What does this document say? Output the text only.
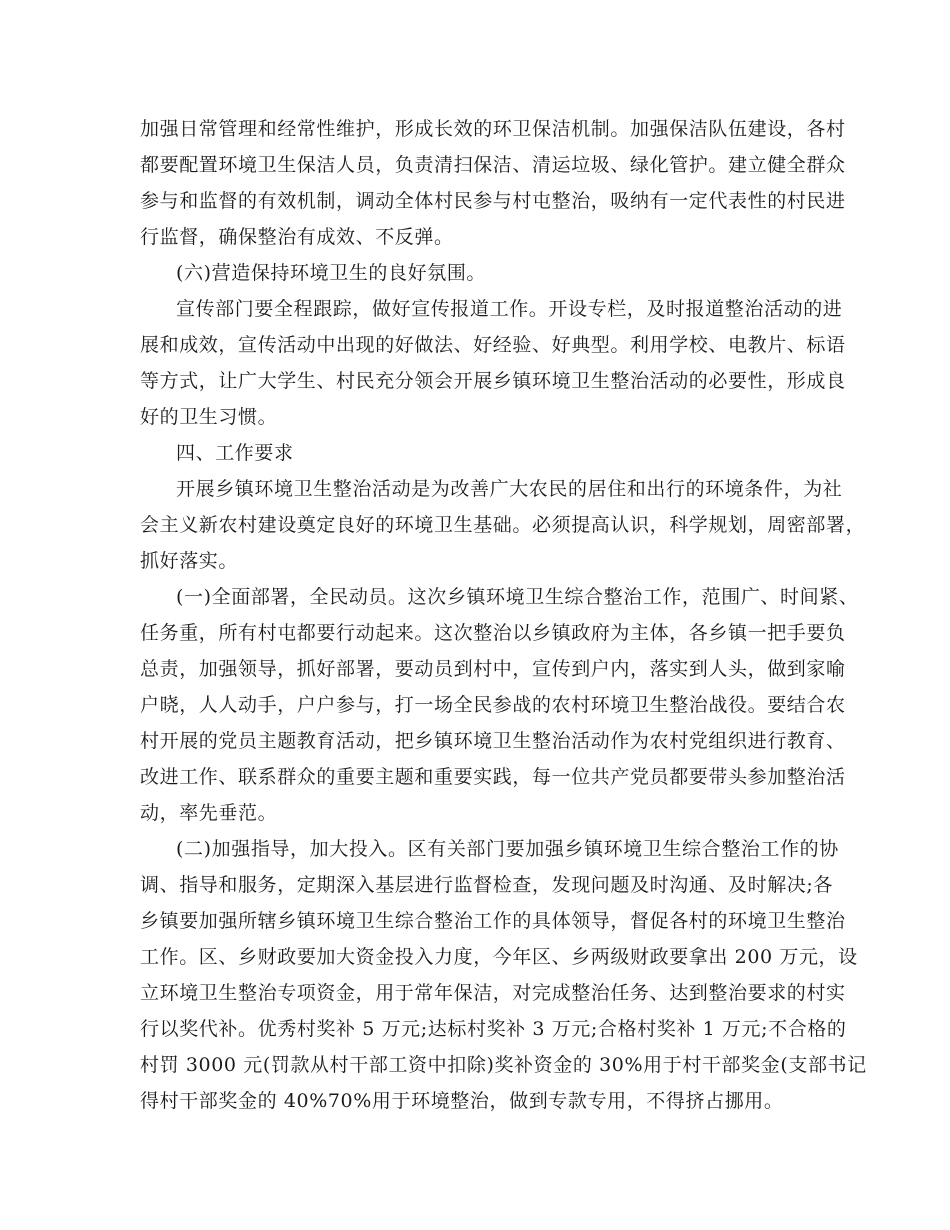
加强日常管理和经常性维护，形成长效的环卫保洁机制。加强保洁队伍建设，各村
都要配置环境卫生保洁人员，负责清扫保洁、清运垃圾、绿化管护。建立健全群众
参与和监督的有效机制，调动全体村民参与村屯整治，吸纳有一定代表性的村民进
行监督，确保整治有成效、不反弹。
(六)营造保持环境卫生的良好氛围。
宣传部门要全程跟踪，做好宣传报道工作。开设专栏，及时报道整治活动的进
展和成效，宣传活动中出现的好做法、好经验、好典型。利用学校、电教片、标语
等方式，让广大学生、村民充分领会开展乡镇环境卫生整治活动的必要性，形成良
好的卫生习惯。
四、工作要求
开展乡镇环境卫生整治活动是为改善广大农民的居住和出行的环境条件，为社
会主义新农村建设奠定良好的环境卫生基础。必须提高认识，科学规划，周密部署，
抓好落实。
(一)全面部署，全民动员。这次乡镇环境卫生综合整治工作，范围广、时间紧、
任务重，所有村屯都要行动起来。这次整治以乡镇政府为主体，各乡镇一把手要负
总责，加强领导，抓好部署，要动员到村中，宣传到户内，落实到人头，做到家喻
户晓，人人动手，户户参与，打一场全民参战的农村环境卫生整治战役。要结合农
村开展的党员主题教育活动，把乡镇环境卫生整治活动作为农村党组织进行教育、
改进工作、联系群众的重要主题和重要实践，每一位共产党员都要带头参加整治活
动，率先垂范。
(二)加强指导，加大投入。区有关部门要加强乡镇环境卫生综合整治工作的协
调、指导和服务，定期深入基层进行监督检查，发现问题及时沟通、及时解决;各
乡镇要加强所辖乡镇环境卫生综合整治工作的具体领导，督促各村的环境卫生整治
工作。区、乡财政要加大资金投入力度，今年区、乡两级财政要拿出 200 万元，设
立环境卫生整治专项资金，用于常年保洁，对完成整治任务、达到整治要求的村实
行以奖代补。优秀村奖补 5 万元;达标村奖补 3 万元;合格村奖补 1 万元;不合格的
村罚 3000 元(罚款从村干部工资中扣除)奖补资金的 30%用于村干部奖金(支部书记
得村干部奖金的 40%70%用于环境整治，做到专款专用，不得挤占挪用。
